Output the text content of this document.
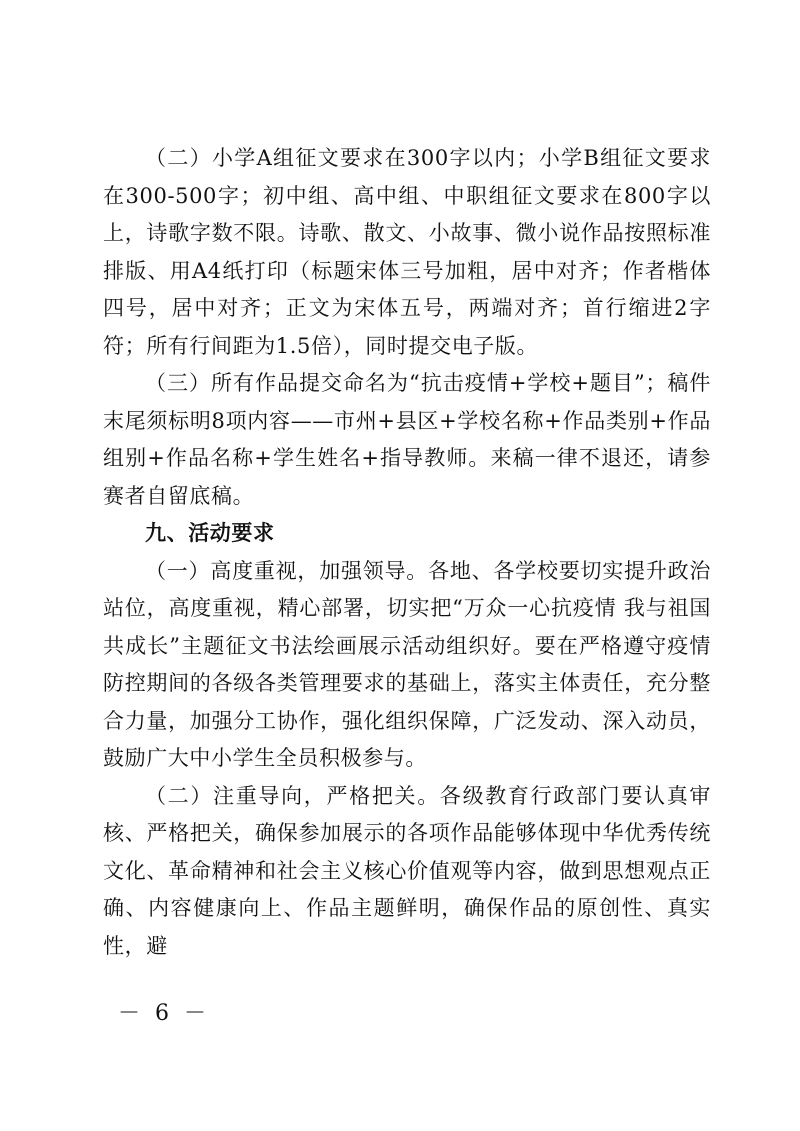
（二）小学A组征文要求在300字以内；小学B组征文要求在300-500字；初中组、高中组、中职组征文要求在800字以上，诗歌字数不限。诗歌、散文、小故事、微小说作品按照标准排版、用A4纸打印（标题宋体三号加粗，居中对齐；作者楷体四号，居中对齐；正文为宋体五号，两端对齐；首行缩进2字符；所有行间距为1.5倍），同时提交电子版。

（三）所有作品提交命名为“抗击疫情+学校+题目”；稿件末尾须标明8项内容——市州+县区+学校名称+作品类别+作品组别+作品名称+学生姓名+指导教师。来稿一律不退还，请参赛者自留底稿。

九、活动要求

（一）高度重视，加强领导。各地、各学校要切实提升政治站位，高度重视，精心部署，切实把“万众一心抗疫情 我与祖国共成长”主题征文书法绘画展示活动组织好。要在严格遵守疫情防控期间的各级各类管理要求的基础上，落实主体责任，充分整合力量，加强分工协作，强化组织保障，广泛发动、深入动员，鼓励广大中小学生全员积极参与。

（二）注重导向，严格把关。各级教育行政部门要认真审核、严格把关，确保参加展示的各项作品能够体现中华优秀传统文化、革命精神和社会主义核心价值观等内容，做到思想观点正确、内容健康向上、作品主题鲜明，确保作品的原创性、真实性，避

－ 6 －
